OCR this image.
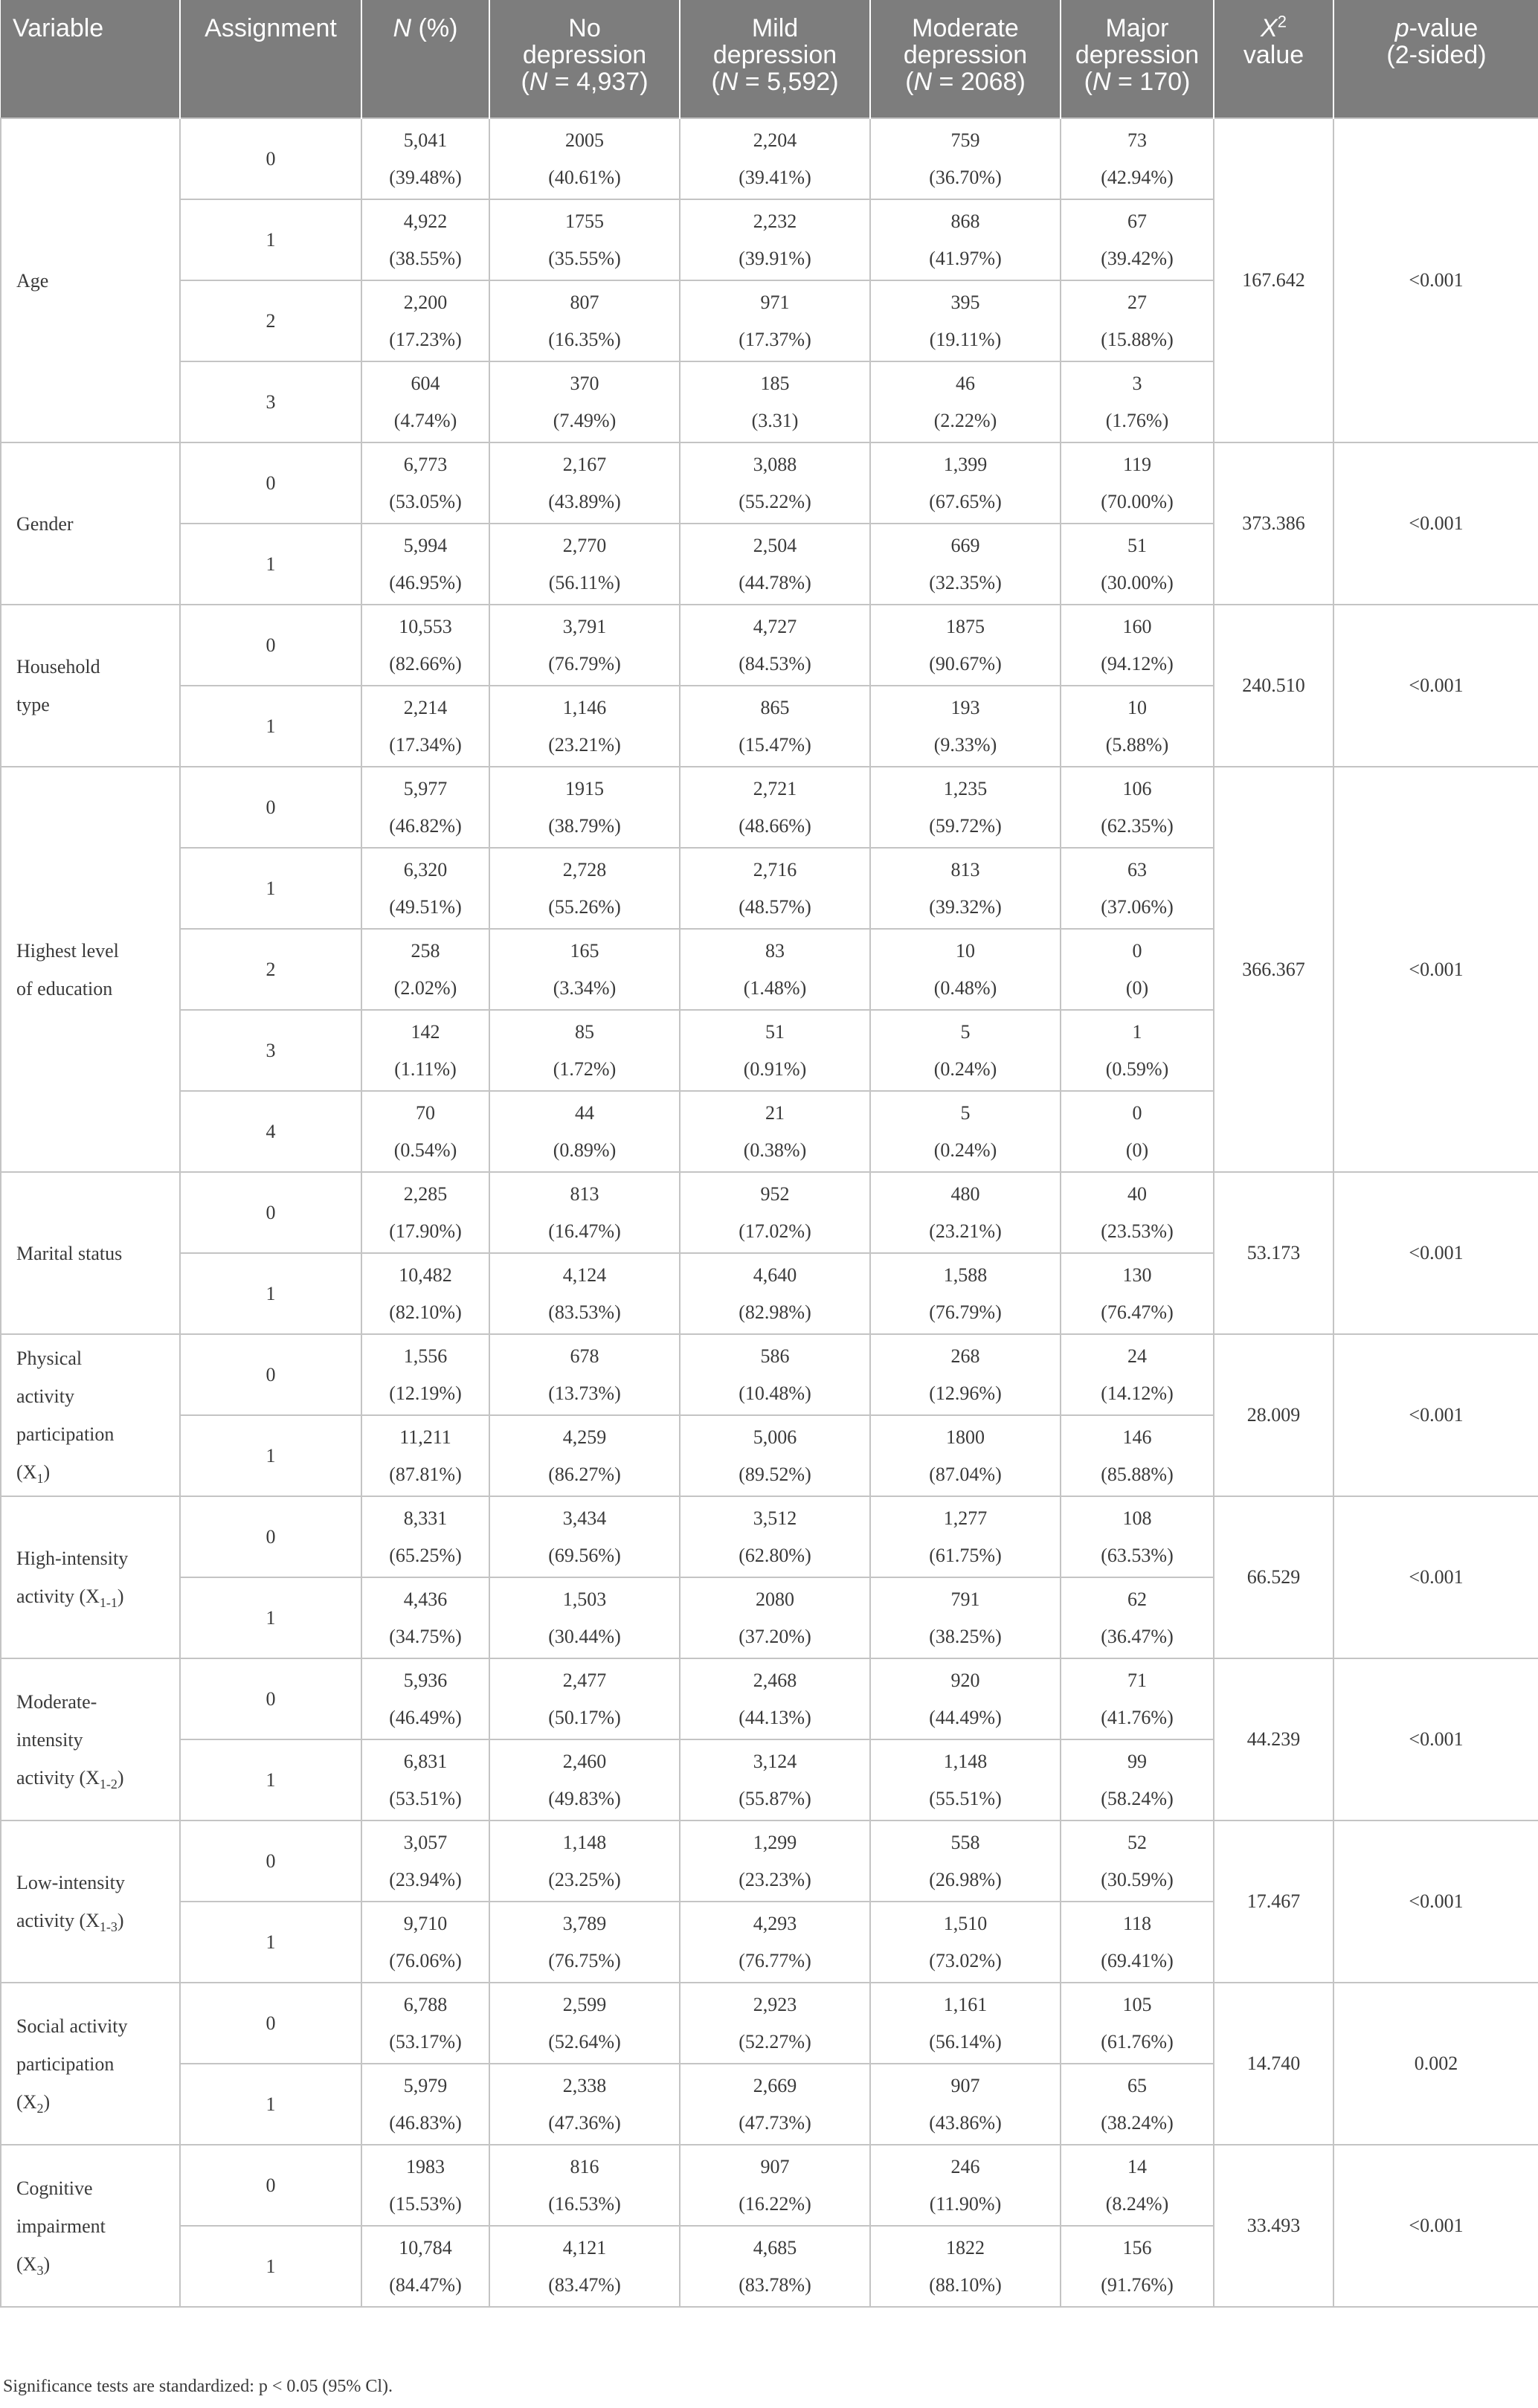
Variable	Assignment	N (%)	No
depression
(N = 4,937)	Mild
depression
(N = 5,592)	Moderate
depression
(N = 2068)	Major
depression
(N = 170)	$X^2$
value	p-value
(2-sided)

Age	0	5,041
(39.48%)	2005
(40.61%)	2,204
(39.41%)	759
(36.70%)	73
(42.94%)	167.642	<0.001
	1	4,922
(38.55%)	1755
(35.55%)	2,232
(39.91%)	868
(41.97%)	67
(39.42%)		

	2	2,200
(17.23%)	807
(16.35%)	971
(17.37%)	395
(19.11%)	27
(15.88%)		

	3	604
(4.74%)	370
(7.49%)	185
(3.31)	46
(2.22%)	3
(1.76%)		

Gender	0	6,773
(53.05%)	2,167
(43.89%)	3,088
(55.22%)	1,399
(67.65%)	119
(70.00%)	373.386	<0.001
	1	5,994
(46.95%)	2,770
(56.11%)	2,504
(44.78%)	669
(32.35%)	51
(30.00%)		

Household
type	0	10,553
(82.66%)	3,791
(76.79%)	4,727
(84.53%)	1875
(90.67%)	160
(94.12%)	240.510	<0.001
	1	2,214
(17.34%)	1,146
(23.21%)	865
(15.47%)	193
(9.33%)	10
(5.88%)		

Highest level
of education	0	5,977
(46.82%)	1915
(38.79%)	2,721
(48.66%)	1,235
(59.72%)	106
(62.35%)	366.367	<0.001
	1	6,320
(49.51%)	2,728
(55.26%)	2,716
(48.57%)	813
(39.32%)	63
(37.06%)		

	2	258
(2.02%)	165
(3.34%)	83
(1.48%)	10
(0.48%)	0
(0)		

	3	142
(1.11%)	85
(1.72%)	51
(0.91%)	5
(0.24%)	1
(0.59%)		

	4	70
(0.54%)	44
(0.89%)	21
(0.38%)	5
(0.24%)	0
(0)		

Marital status	0	2,285
(17.90%)	813
(16.47%)	952
(17.02%)	480
(23.21%)	40
(23.53%)	53.173	<0.001
	1	10,482
(82.10%)	4,124
(83.53%)	4,640
(82.98%)	1,588
(76.79%)	130
(76.47%)		

Physical
activity
participation
$(X_1)$	0	1,556
(12.19%)	678
(13.73%)	586
(10.48%)	268
(12.96%)	24
(14.12%)	28.009	<0.001
	1	11,211
(87.81%)	4,259
(86.27%)	5,006
(89.52%)	1800
(87.04%)	146
(85.88%)		

High-intensity
activity $(X_{1-1})$	0	8,331
(65.25%)	3,434
(69.56%)	3,512
(62.80%)	1,277
(61.75%)	108
(63.53%)	66.529	<0.001
	1	4,436
(34.75%)	1,503
(30.44%)	2080
(37.20%)	791
(38.25%)	62
(36.47%)		

Moderate-
intensity
activity $(X_{1-2})$	0	5,936
(46.49%)	2,477
(50.17%)	2,468
(44.13%)	920
(44.49%)	71
(41.76%)	44.239	<0.001
	1	6,831
(53.51%)	2,460
(49.83%)	3,124
(55.87%)	1,148
(55.51%)	99
(58.24%)		

Low-intensity
activity $(X_{1-3})$	0	3,057
(23.94%)	1,148
(23.25%)	1,299
(23.23%)	558
(26.98%)	52
(30.59%)	17.467	<0.001
	1	9,710
(76.06%)	3,789
(76.75%)	4,293
(76.77%)	1,510
(73.02%)	118
(69.41%)		

Social activity
participation
$(X_2)$	0	6,788
(53.17%)	2,599
(52.64%)	2,923
(52.27%)	1,161
(56.14%)	105
(61.76%)	14.740	0.002
	1	5,979
(46.83%)	2,338
(47.36%)	2,669
(47.73%)	907
(43.86%)	65
(38.24%)		

Cognitive
impairment
$(X_3)$	0	1983
(15.53%)	816
(16.53%)	907
(16.22%)	246
(11.90%)	14
(8.24%)	33.493	<0.001
	1	10,784
(84.47%)	4,121
(83.47%)	4,685
(83.78%)	1822
(88.10%)	156
(91.76%)		
Significance tests are standardized: p < 0.05 (95% Cl).
